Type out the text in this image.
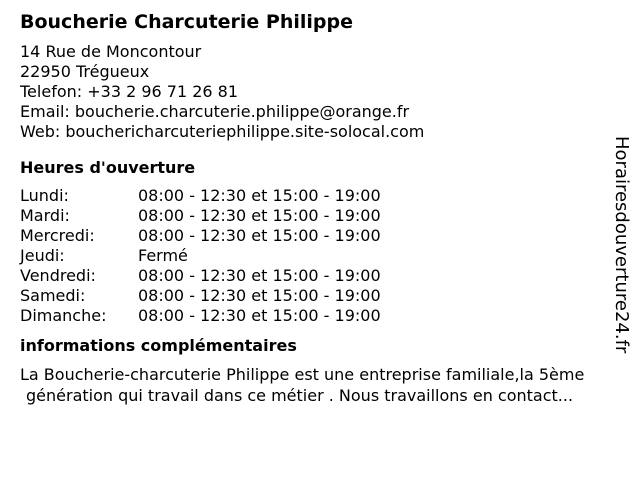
Boucherie Charcuterie Philippe
14 Rue de Moncontour
22950 Trégueux
Telefon: +33 2 96 71 26 81
Email: boucherie.charcuterie.philippe@orange.fr
Web: bouchericharcuteriephilippe.site-solocal.com
Heures d'ouverture
Lundi:	08:00 - 12:30 et 15:00 - 19:00
Mardi:	08:00 - 12:30 et 15:00 - 19:00
Mercredi:	08:00 - 12:30 et 15:00 - 19:00
Jeudi:	Fermé
Vendredi:	08:00 - 12:30 et 15:00 - 19:00
Samedi:	08:00 - 12:30 et 15:00 - 19:00
Dimanche:	08:00 - 12:30 et 15:00 - 19:00
informations complémentaires
La Boucherie-charcuterie Philippe est une entreprise familiale,la 5ème
génération qui travail dans ce métier . Nous travaillons en contact...
Horairesdouverture24.fr
